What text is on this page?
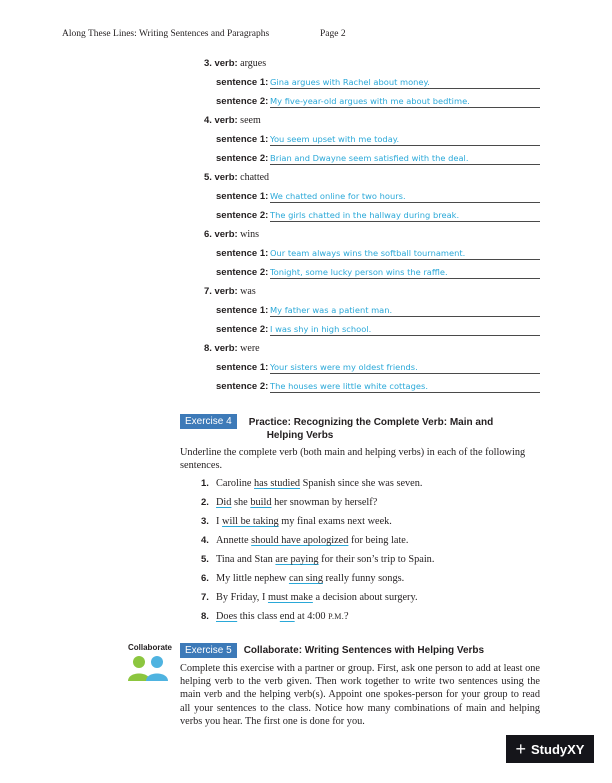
Along These Lines: Writing Sentences and Paragraphs	Page 2
3. verb: argues
sentence 1: Gina argues with Rachel about money.
sentence 2: My five-year-old argues with me about bedtime.
4. verb: seem
sentence 1: You seem upset with me today.
sentence 2: Brian and Dwayne seem satisfied with the deal.
5. verb: chatted
sentence 1: We chatted online for two hours.
sentence 2: The girls chatted in the hallway during break.
6. verb: wins
sentence 1: Our team always wins the softball tournament.
sentence 2: Tonight, some lucky person wins the raffle.
7. verb: was
sentence 1: My father was a patient man.
sentence 2: I was shy in high school.
8. verb: were
sentence 1: Your sisters were my oldest friends.
sentence 2: The houses were little white cottages.
Exercise 4	Practice: Recognizing the Complete Verb: Main and
Helping Verbs
Underline the complete verb (both main and helping verbs) in each of the following sentences.
1. Caroline has studied Spanish since she was seven.
2. Did she build her snowman by herself?
3. I will be taking my final exams next week.
4. Annette should have apologized for being late.
5. Tina and Stan are paying for their son’s trip to Spain.
6. My little nephew can sing really funny songs.
7. By Friday, I must make a decision about surgery.
8. Does this class end at 4:00 P.M.?
Collaborate	Exercise 5	Collaborate: Writing Sentences with Helping Verbs
Complete this exercise with a partner or group. First, ask one person to add at least one helping verb to the verb given. Then work together to write two sentences using the main verb and the helping verb(s). Appoint one spokes-person for your group to read all your sentences to the class. Notice how many combinations of main and helping verbs you hear. The first one is done for you.
+ StudyXY
